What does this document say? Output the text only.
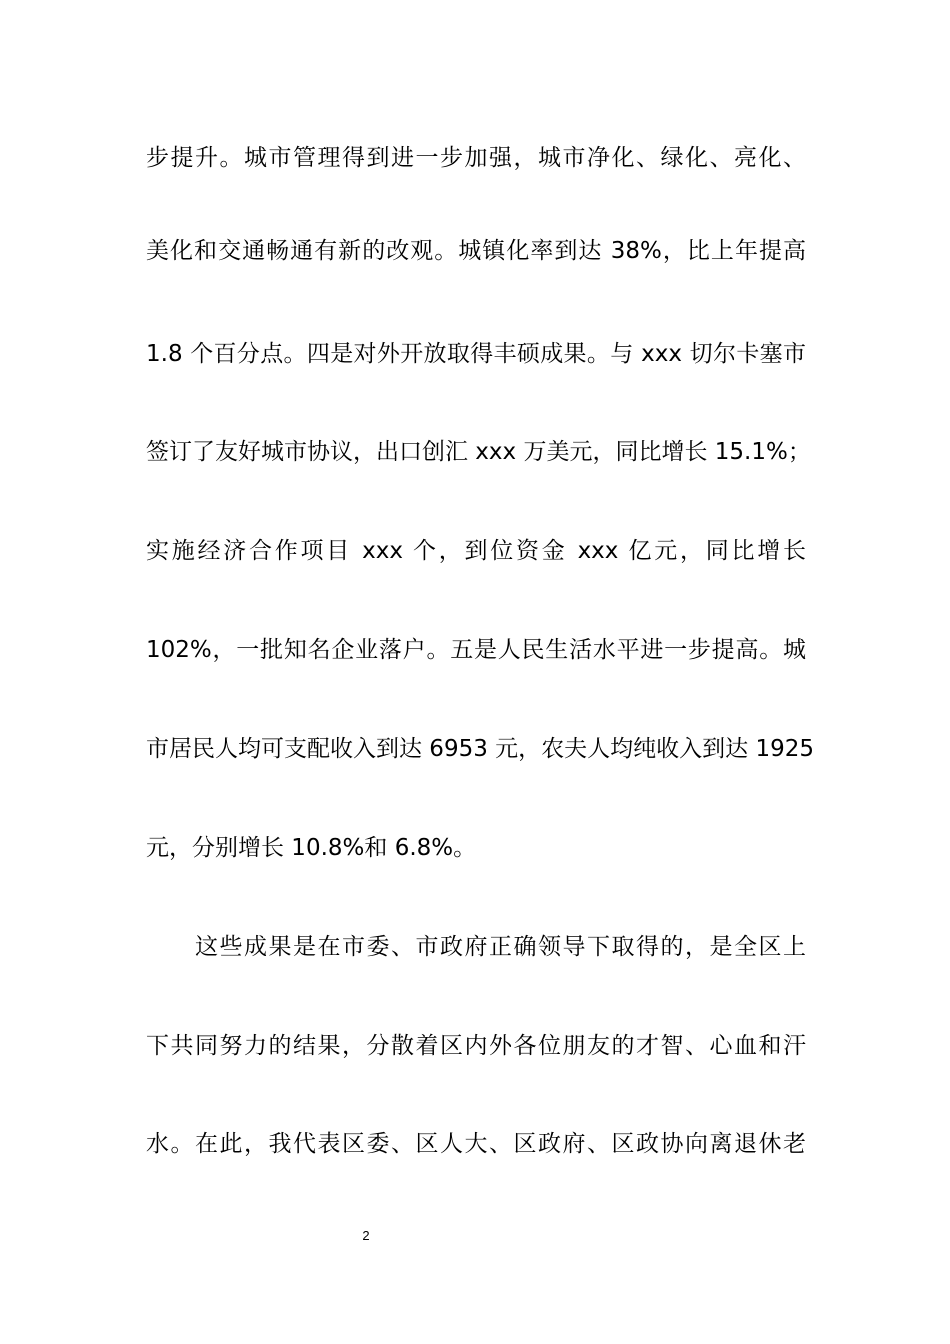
步提升。城市管理得到进一步加强，城市净化、绿化、亮化、
美化和交通畅通有新的改观。城镇化率到达 38%，比上年提高
1.8 个百分点。四是对外开放取得丰硕成果。与 xxx 切尔卡塞市
签订了友好城市协议，出口创汇 xxx 万美元，同比增长 15.1%；
实施经济合作项目 xxx 个，到位资金 xxx 亿元，同比增长
102%，一批知名企业落户。五是人民生活水平进一步提高。城
市居民人均可支配收入到达 6953 元，农夫人均纯收入到达 1925
元，分别增长 10.8%和 6.8%。
这些成果是在市委、市政府正确领导下取得的，是全区上
下共同努力的结果，分散着区内外各位朋友的才智、心血和汗
水。在此，我代表区委、区人大、区政府、区政协向离退休老
2
